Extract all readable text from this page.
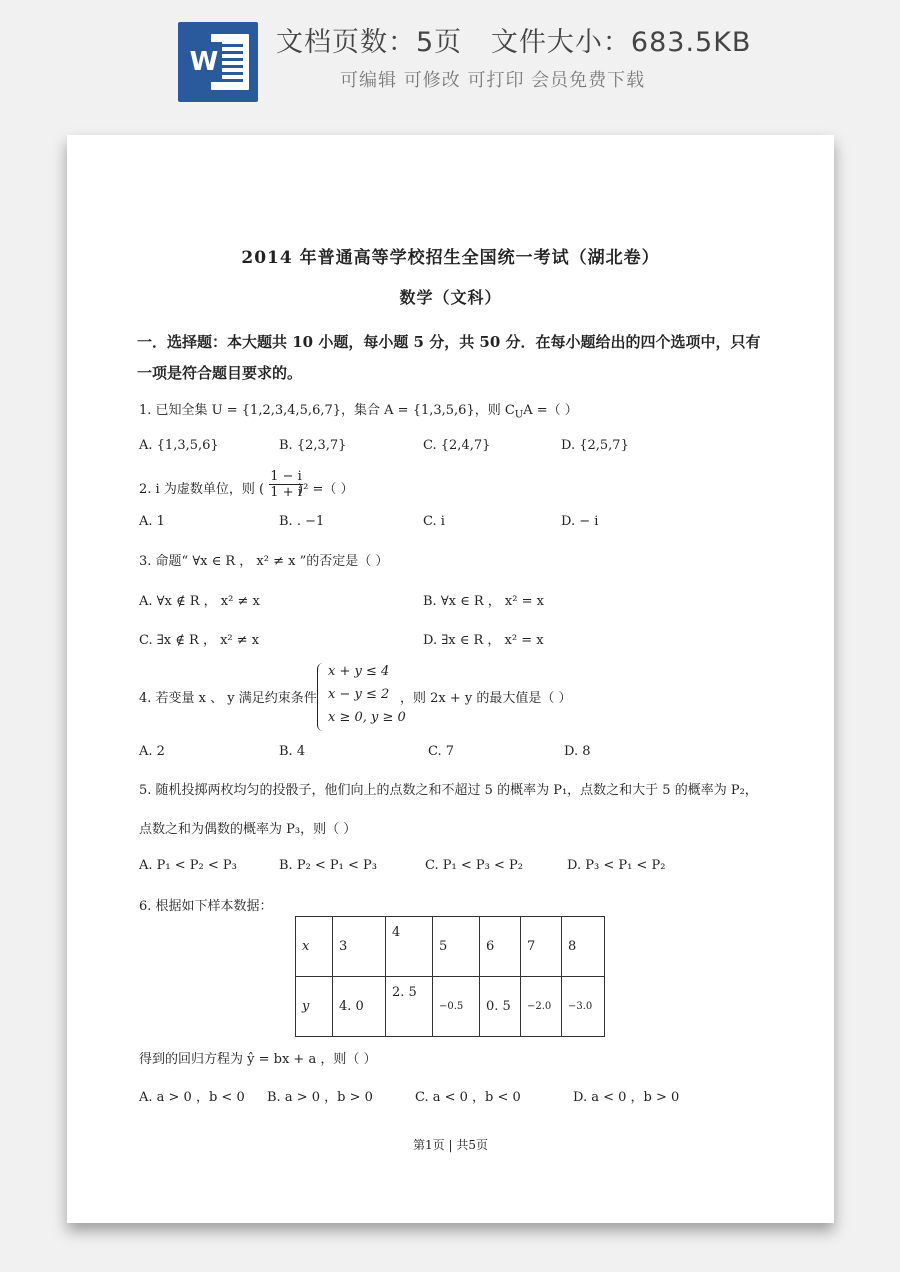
W
文档页数：5页   文件大小：683.5KB
可编辑 可修改 可打印 会员免费下载
2014 年普通高等学校招生全国统一考试（湖北卷）
数学（文科）
一．选择题：本大题共 10 小题，每小题 5 分，共 50 分．在每小题给出的四个选项中，只有
一项是符合题目要求的。
1. 已知全集 U = {1,2,3,4,5,6,7}，集合 A = {1,3,5,6}，则 $C_UA$ =（ ）
A. {1,3,5,6}	B. {2,3,7}	C. {2,4,7}	D. {2,5,7}
2. i 为虚数单位，则 (	)² =（ ）
$\frac{1 - i}{1 + i}$
A. 1	B. . −1	C. i	D. − i
3. 命题“ ∀x ∈ R ， x² ≠ x ”的否定是（ ）
A. ∀x ∉ R ， x² ≠ x	B. ∀x ∈ R ， x² = x
C. ∃x ∉ R ， x² ≠ x	D. ∃x ∈ R ， x² = x
4. 若变量 x 、 y 满足约束条件
x + y ≤ 4
x − y ≤ 2
x ≥ 0, y ≥ 0
，则 2x + y 的最大值是（ ）
A. 2	B. 4	C. 7	D. 8
5. 随机投掷两枚均匀的投骰子，他们向上的点数之和不超过 5 的概率为 P₁，点数之和大于 5 的概率为 P₂，
点数之和为偶数的概率为 P₃，则（ ）
A. P₁ < P₂ < P₃	B. P₂ < P₁ < P₃	C. P₁ < P₃ < P₂	D. P₃ < P₁ < P₂
6. 根据如下样本数据：
x	3	4	5	6	7	8
y	4. 0	2. 5	−0.5	0. 5	−2.0	−3.0
得到的回归方程为 ŷ = bx + a ，则（ ）
A. a > 0 ，b < 0 B. a > 0 ，b > 0	C. a < 0 ，b < 0	D. a < 0 ，b > 0
第1页 | 共5页
